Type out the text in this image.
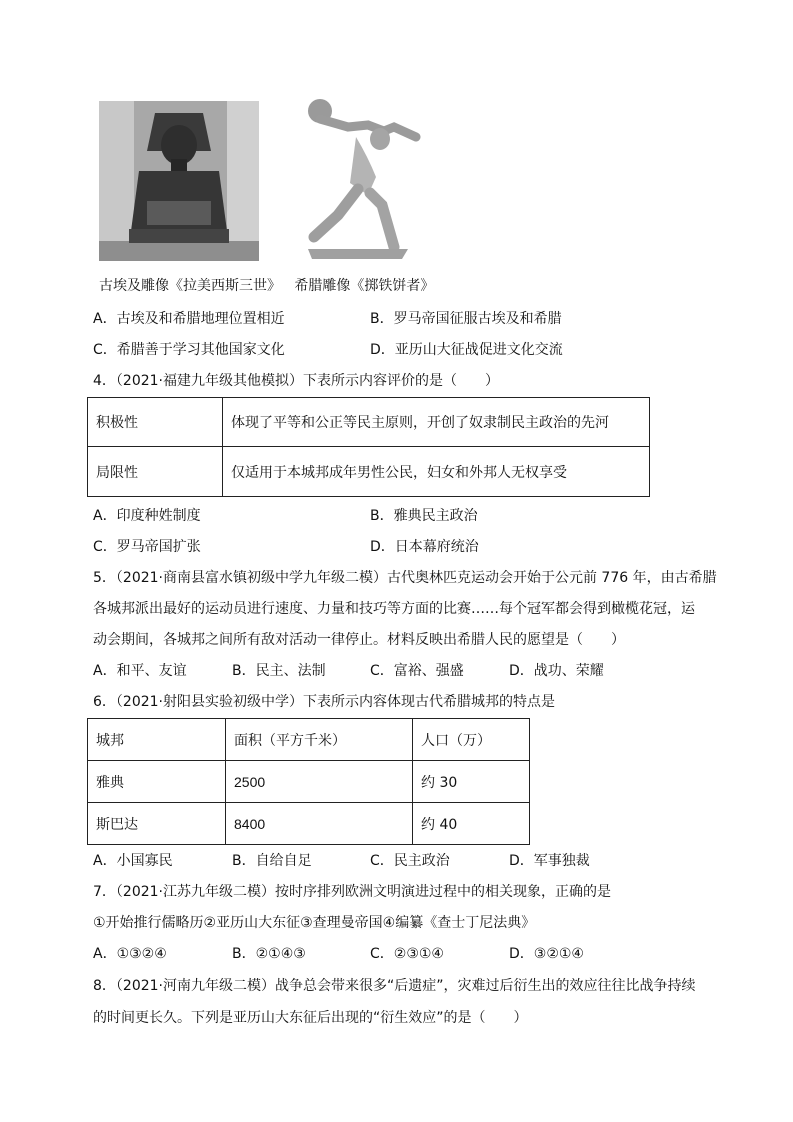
古埃及雕像《拉美西斯三世》   希腊雕像《掷铁饼者》
A．古埃及和希腊地理位置相近	B．罗马帝国征服古埃及和希腊
C．希腊善于学习其他国家文化	D．亚历山大征战促进文化交流
4．（2021·福建九年级其他模拟）下表所示内容评价的是（　　）
积极性	体现了平等和公正等民主原则，开创了奴隶制民主政治的先河
局限性	仅适用于本城邦成年男性公民，妇女和外邦人无权享受
A．印度种姓制度	B．雅典民主政治
C．罗马帝国扩张	D．日本幕府统治
5．（2021·商南县富水镇初级中学九年级二模）古代奥林匹克运动会开始于公元前 776 年，由古希腊
各城邦派出最好的运动员进行速度、力量和技巧等方面的比赛……每个冠军都会得到橄榄花冠，运
动会期间，各城邦之间所有敌对活动一律停止。材料反映出希腊人民的愿望是（　　）
A．和平、友谊	B．民主、法制	C．富裕、强盛	D．战功、荣耀
6．（2021·射阳县实验初级中学）下表所示内容体现古代希腊城邦的特点是
城邦	面积（平方千米）	人口（万）
雅典	2500	约 30
斯巴达	8400	约 40
A．小国寡民	B．自给自足	C．民主政治	D．军事独裁
7．（2021·江苏九年级二模）按时序排列欧洲文明演进过程中的相关现象，正确的是
①开始推行儒略历②亚历山大东征③查理曼帝国④编纂《查士丁尼法典》
A．①③②④	B．②①④③	C．②③①④	D．③②①④
8．（2021·河南九年级二模）战争总会带来很多“后遗症”，灾难过后衍生出的效应往往比战争持续
的时间更长久。下列是亚历山大东征后出现的“衍生效应”的是（　　）
